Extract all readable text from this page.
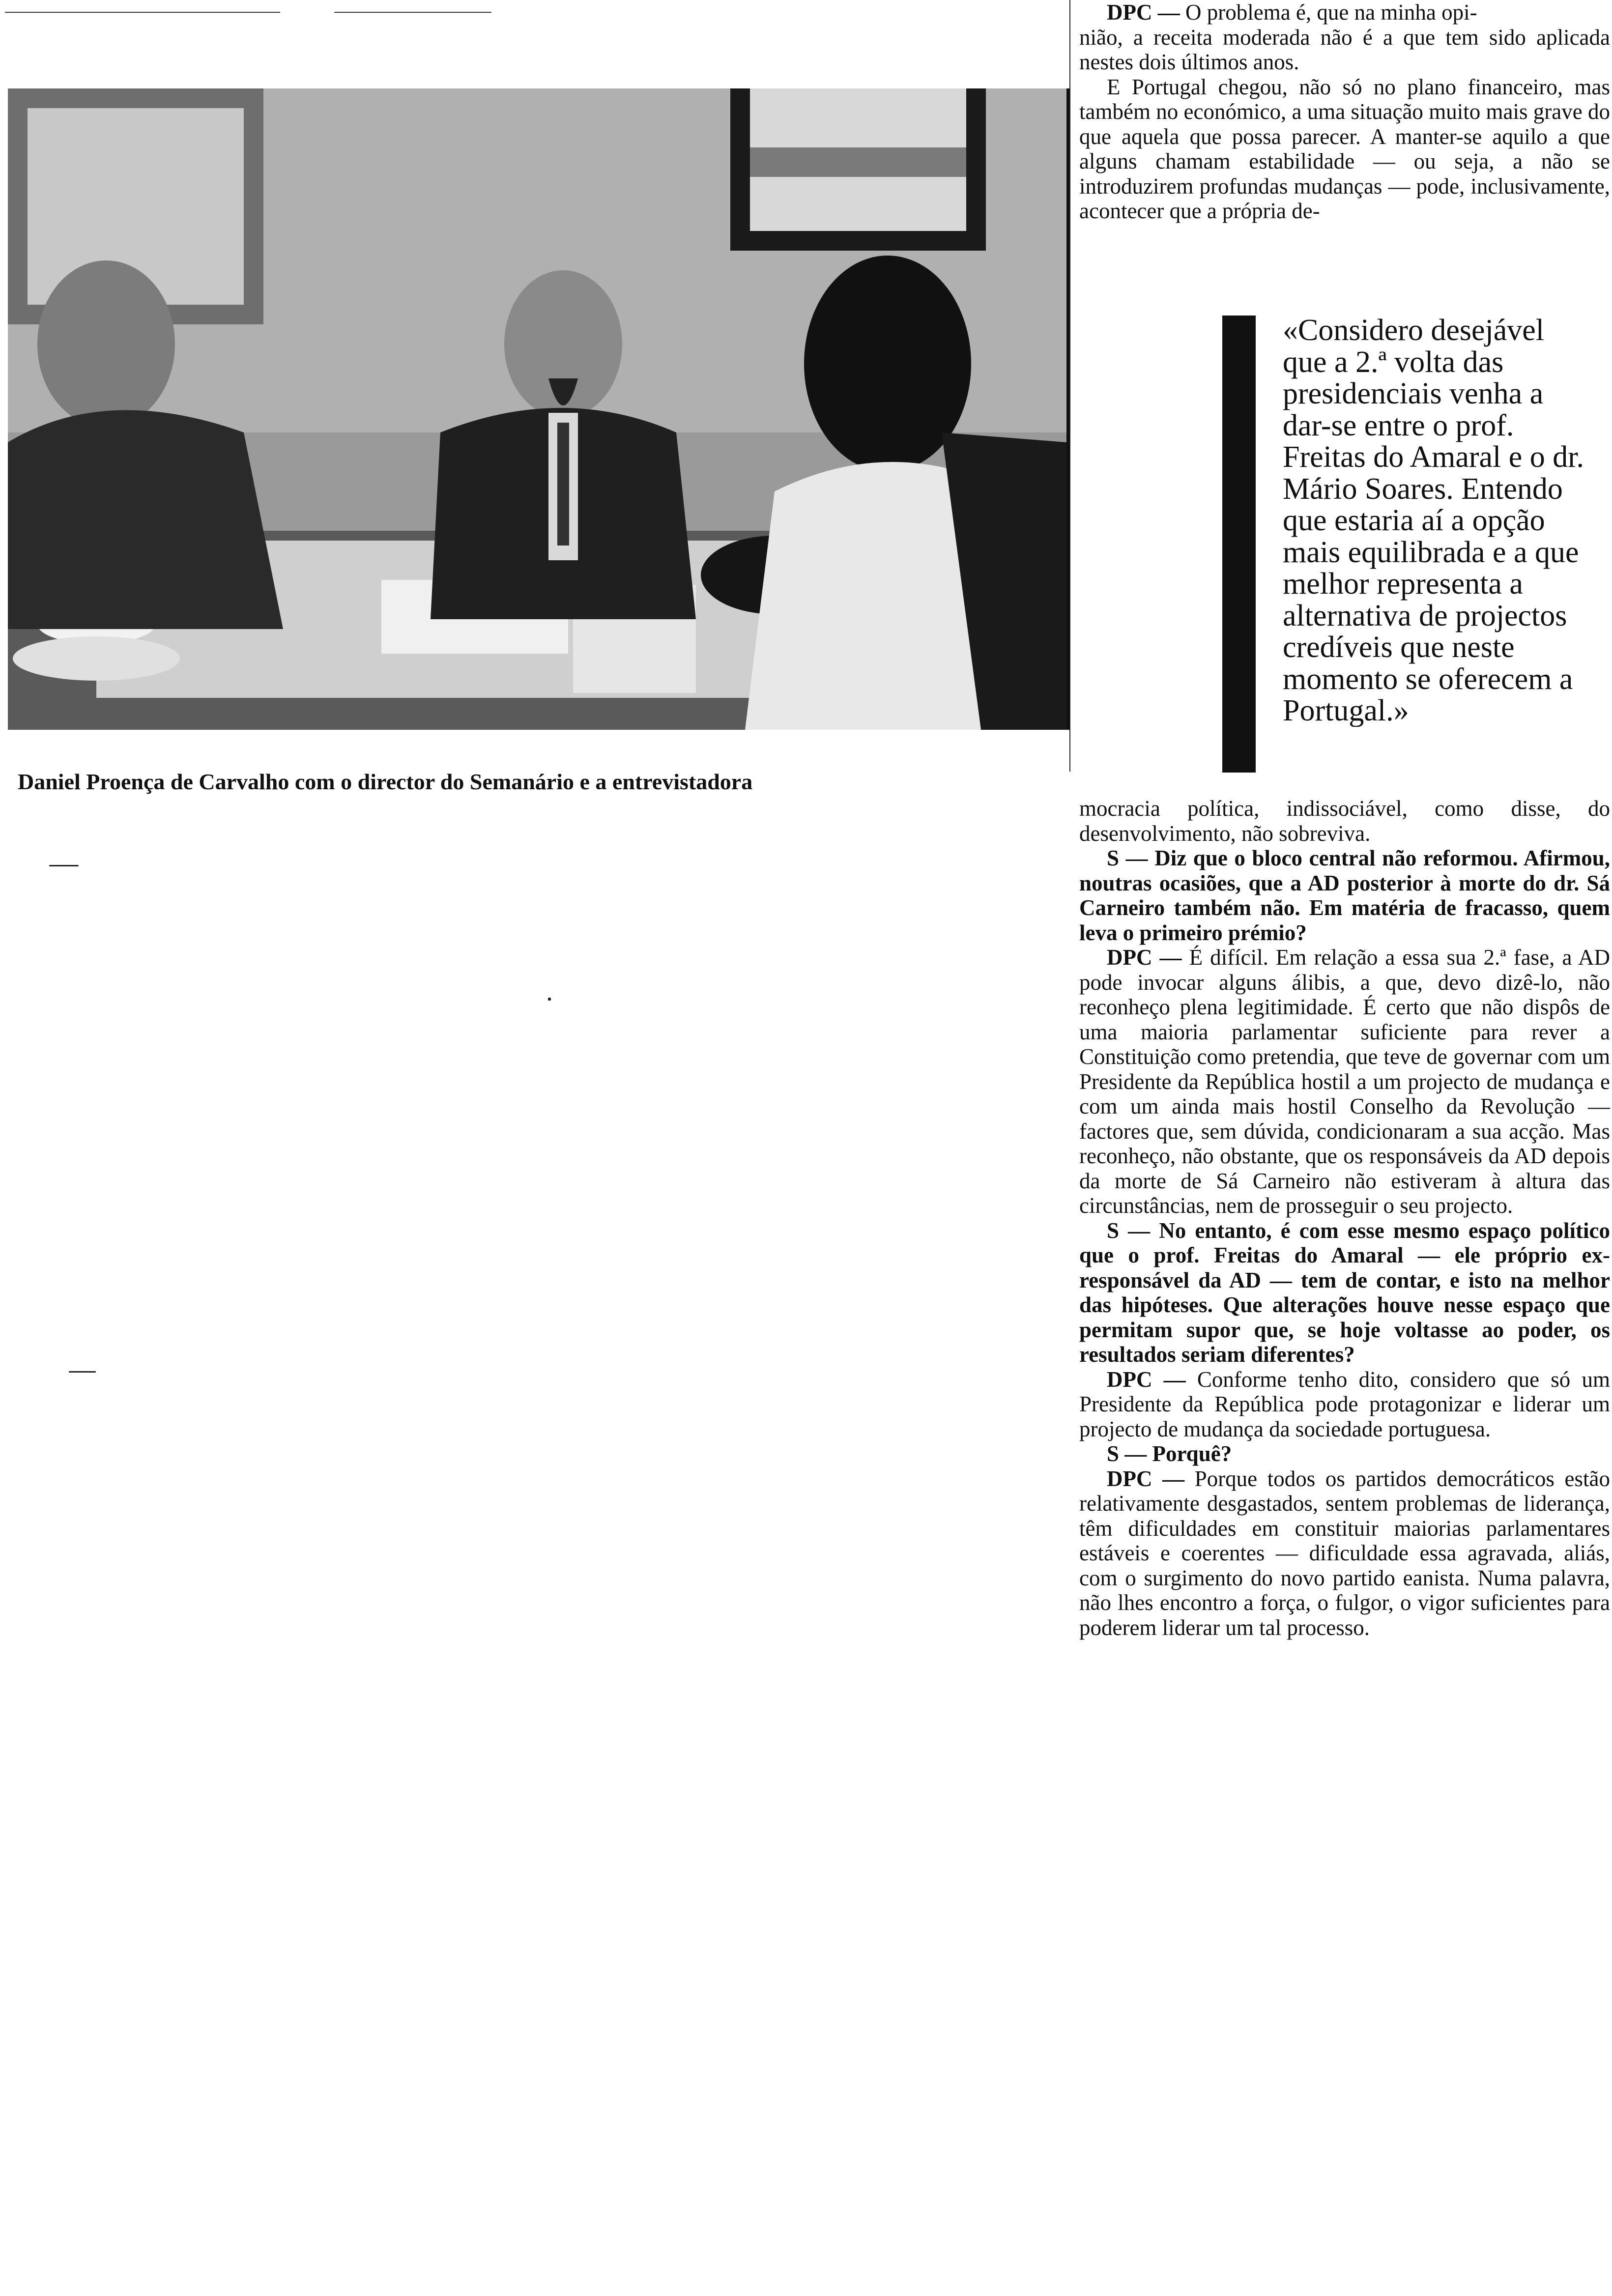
Daniel Proença de Carvalho com o director do Semanário e a entrevistadora

DPC — O problema é, que na minha opi-

nião, a receita moderada não é a que tem sido aplicada nestes dois últimos anos.

E Portugal chegou, não só no plano financeiro, mas também no económico, a uma situação muito mais grave do que aquela que possa parecer. A manter-se aquilo a que alguns chamam estabilidade — ou seja, a não se introduzirem profundas mudanças — pode, inclusivamente, acontecer que a própria de-

«Considero desejável
que a 2.ª volta das
presidenciais venha a
dar-se entre o prof.
Freitas do Amaral e o dr.
Mário Soares. Entendo
que estaria aí a opção
mais equilibrada e a que
melhor representa a
alternativa de projectos
credíveis que neste
momento se oferecem a
Portugal.»

mocracia política, indissociável, como disse, do desenvolvimento, não sobreviva.

S — Diz que o bloco central não reformou. Afirmou, noutras ocasiões, que a AD posterior à morte do dr. Sá Carneiro também não. Em matéria de fracasso, quem leva o primeiro prémio?

DPC — É difícil. Em relação a essa sua 2.ª fase, a AD pode invocar alguns álibis, a que, devo dizê-lo, não reconheço plena legitimidade. É certo que não dispôs de uma maioria parlamentar suficiente para rever a Constituição como pretendia, que teve de governar com um Presidente da República hostil a um projecto de mudança e com um ainda mais hostil Conselho da Revolução — factores que, sem dúvida, condicionaram a sua acção. Mas reconheço, não obstante, que os responsáveis da AD depois da morte de Sá Carneiro não estiveram à altura das circunstâncias, nem de prosseguir o seu projecto.

S — No entanto, é com esse mesmo espaço político que o prof. Freitas do Amaral — ele próprio ex-responsável da AD — tem de contar, e isto na melhor das hipóteses. Que alterações houve nesse espaço que permitam supor que, se hoje voltasse ao poder, os resultados seriam diferentes?

DPC — Conforme tenho dito, considero que só um Presidente da República pode protagonizar e liderar um projecto de mudança da sociedade portuguesa.

S — Porquê?

DPC — Porque todos os partidos democráticos estão relativamente desgastados, sentem problemas de liderança, têm dificuldades em constituir maiorias parlamentares estáveis e coerentes — dificuldade essa agravada, aliás, com o surgimento do novo partido eanista. Numa palavra, não lhes encontro a força, o fulgor, o vigor suficientes para poderem liderar um tal processo.
